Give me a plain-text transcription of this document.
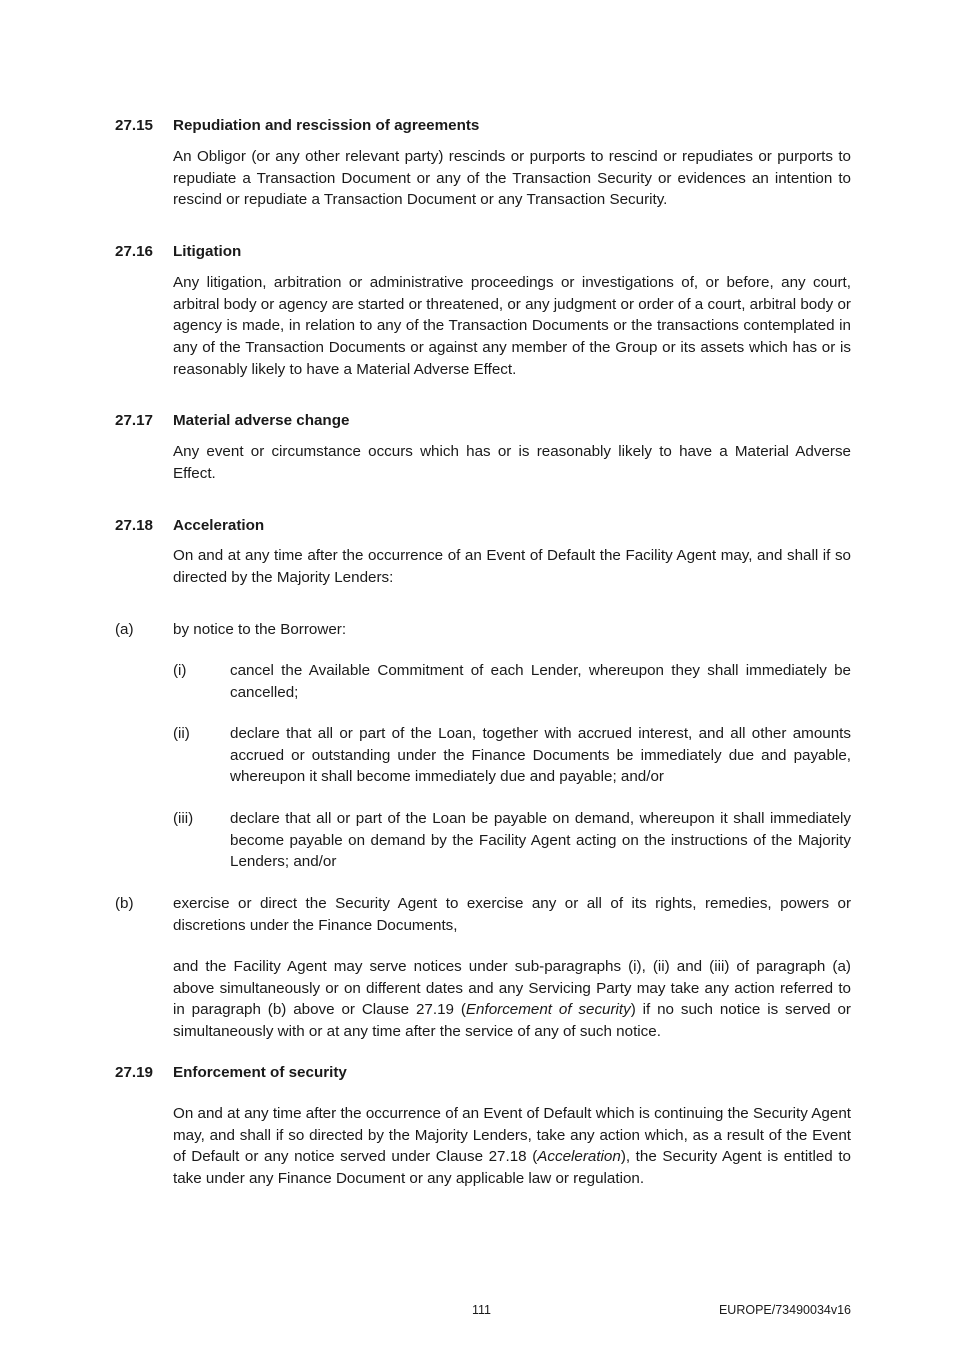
27.15 Repudiation and rescission of agreements

An Obligor (or any other relevant party) rescinds or purports to rescind or repudiates or purports to repudiate a Transaction Document or any of the Transaction Security or evidences an intention to rescind or repudiate a Transaction Document or any Transaction Security.

27.16 Litigation

Any litigation, arbitration or administrative proceedings or investigations of, or before, any court, arbitral body or agency are started or threatened, or any judgment or order of a court, arbitral body or agency is made, in relation to any of the Transaction Documents or the transactions contemplated in any of the Transaction Documents or against any member of the Group or its assets which has or is reasonably likely to have a Material Adverse Effect.

27.17 Material adverse change

Any event or circumstance occurs which has or is reasonably likely to have a Material Adverse Effect.

27.18 Acceleration

On and at any time after the occurrence of an Event of Default the Facility Agent may, and shall if so directed by the Majority Lenders:

(a)	by notice to the Borrower:
(i)	cancel the Available Commitment of each Lender, whereupon they shall immediately be cancelled;

(ii)	declare that all or part of the Loan, together with accrued interest, and all other amounts accrued or outstanding under the Finance Documents be immediately due and payable, whereupon it shall become immediately due and payable; and/or

(iii) declare that all or part of the Loan be payable on demand, whereupon it shall immediately become payable on demand by the Facility Agent acting on the instructions of the Majority Lenders; and/or

(b)	exercise or direct the Security Agent to exercise any or all of its rights, remedies, powers or discretions under the Finance Documents,

and the Facility Agent may serve notices under sub-paragraphs (i), (ii) and (iii) of paragraph (a) above simultaneously or on different dates and any Servicing Party may take any action referred to in paragraph (b) above or Clause 27.19 (Enforcement of security) if no such notice is served or simultaneously with or at any time after the service of any of such notice.

27.19 Enforcement of security

On and at any time after the occurrence of an Event of Default which is continuing the Security Agent may, and shall if so directed by the Majority Lenders, take any action which, as a result of the Event of Default or any notice served under Clause 27.18 (Acceleration), the Security Agent is entitled to take under any Finance Document or any applicable law or regulation.

111	EUROPE/73490034v16
